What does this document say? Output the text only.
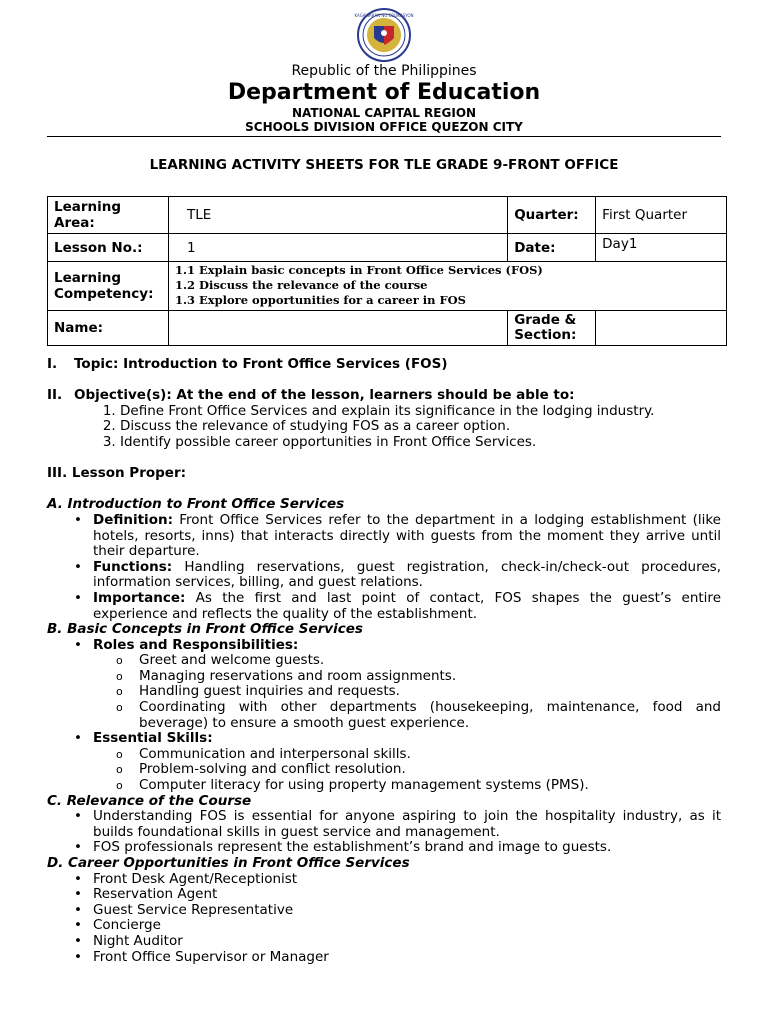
KAGAWARAN NG EDUKASYON
Republic of the Philippines
Department of Education
NATIONAL CAPITAL REGION
SCHOOLS DIVISION OFFICE QUEZON CITY
LEARNING ACTIVITY SHEETS FOR TLE GRADE 9-FRONT OFFICE
Learning Area:	TLE	Quarter:	First Quarter
Lesson No.:	1	Date:	Day1
Learning Competency:	1.1 Explain basic concepts in Front Office Services (FOS)
1.2 Discuss the relevance of the course
1.3 Explore opportunities for a career in FOS		

Name:		Grade & Section:	

I. Topic: Introduction to Front Office Services (FOS)

II. Objective(s): At the end of the lesson, learners should be able to:

1. Define Front Office Services and explain its significance in the lodging industry.
2. Discuss the relevance of studying FOS as a career option.
3. Identify possible career opportunities in Front Office Services.

III. Lesson Proper:

A. Introduction to Front Office Services

• Definition: Front Office Services refer to the department in a lodging establishment (like hotels, resorts, inns) that interacts directly with guests from the moment they arrive until their departure.
• Functions: Handling reservations, guest registration, check-in/check-out procedures, information services, billing, and guest relations.
• Importance: As the first and last point of contact, FOS shapes the guest’s entire experience and reflects the quality of the establishment.

B. Basic Concepts in Front Office Services

• Roles and Responsibilities:
o Greet and welcome guests.
o Managing reservations and room assignments.
o Handling guest inquiries and requests.
o Coordinating with other departments (housekeeping, maintenance, food and beverage) to ensure a smooth guest experience.
• Essential Skills:
o Communication and interpersonal skills.
o Problem-solving and conflict resolution.
o Computer literacy for using property management systems (PMS).

C. Relevance of the Course

• Understanding FOS is essential for anyone aspiring to join the hospitality industry, as it builds foundational skills in guest service and management.
• FOS professionals represent the establishment’s brand and image to guests.

D. Career Opportunities in Front Office Services

• Front Desk Agent/Receptionist
• Reservation Agent
• Guest Service Representative
• Concierge
• Night Auditor
• Front Office Supervisor or Manager
